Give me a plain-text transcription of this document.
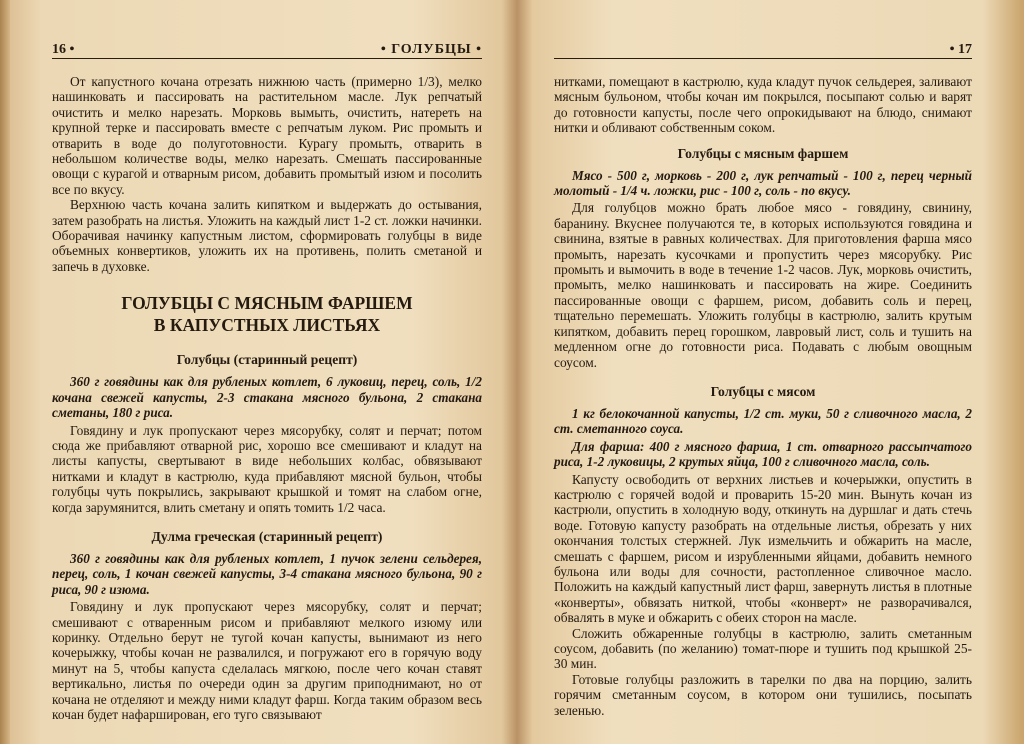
16 •	• ГОЛУБЦЫ •

От капустного кочана отрезать нижнюю часть (примерно 1/3), мелко нашинковать и пассировать на растительном масле. Лук репчатый очистить и мелко нарезать. Морковь вымыть, очистить, натереть на крупной терке и пассировать вместе с репчатым луком. Рис промыть и отварить в воде до полуготовности. Курагу промыть, отварить в небольшом количестве воды, мелко нарезать. Смешать пассированные овощи с курагой и отварным рисом, добавить промытый изюм и посолить все по вкусу.

Верхнюю часть кочана залить кипятком и выдержать до остывания, затем разобрать на листья. Уложить на каждый лист 1-2 ст. ложки начинки. Оборачивая начинку капустным листом, сформировать голубцы в виде объемных конвертиков, уложить их на противень, полить сметаной и запечь в духовке.

ГОЛУБЦЫ С МЯСНЫМ ФАРШЕМ
В КАПУСТНЫХ ЛИСТЬЯХ
Голубцы (старинный рецепт)
360 г говядины как для рубленых котлет, 6 луковиц, перец, соль, 1/2 кочана свежей капусты, 2-3 стакана мясного бульона, 2 стакана сметаны, 180 г риса.

Говядину и лук пропускают через мясорубку, солят и перчат; потом сюда же прибавляют отварной рис, хорошо все смешивают и кладут на листы капусты, свертывают в виде небольших колбас, обвязывают нитками и кладут в кастрюлю, куда прибавляют мясной бульон, чтобы голубцы чуть покрылись, закрывают крышкой и томят на слабом огне, когда зарумянится, влить сметану и опять томить 1/2 часа.

Дулма греческая (старинный рецепт)
360 г говядины как для рубленых котлет, 1 пучок зелени сельдерея, перец, соль, 1 кочан свежей капусты, 3-4 стакана мясного бульона, 90 г риса, 90 г изюма.

Говядину и лук пропускают через мясорубку, солят и перчат; смешивают с отваренным рисом и прибавляют мелкого изюму или коринку. Отдельно берут не тугой кочан капусты, вынимают из него кочерыжку, чтобы кочан не развалился, и погружают его в горячую воду минут на 5, чтобы капуста сделалась мягкою, после чего кочан ставят вертикально, листья по очереди один за другим приподнимают, но от кочана не отделяют и между ними кладут фарш. Когда таким образом весь кочан будет нафарширован, его туго связывают

• 17

нитками, помещают в кастрюлю, куда кладут пучок сельдерея, заливают мясным бульоном, чтобы кочан им покрылся, посыпают солью и варят до готовности капусты, после чего опрокидывают на блюдо, снимают нитки и обливают собственным соком.

Голубцы с мясным фаршем
Мясо - 500 г, морковь - 200 г, лук репчатый - 100 г, перец черный молотый - 1/4 ч. ложки, рис - 100 г, соль - по вкусу.

Для голубцов можно брать любое мясо - говядину, свинину, баранину. Вкуснее получаются те, в которых используются говядина и свинина, взятые в равных количествах. Для приготовления фарша мясо промыть, нарезать кусочками и пропустить через мясорубку. Рис промыть и вымочить в воде в течение 1-2 часов. Лук, морковь очистить, промыть, мелко нашинковать и пассировать на жире. Соединить пассированные овощи с фаршем, рисом, добавить соль и перец, тщательно перемешать. Уложить голубцы в кастрюлю, залить крутым кипятком, добавить перец горошком, лавровый лист, соль и тушить на медленном огне до готовности риса. Подавать с любым овощным соусом.

Голубцы с мясом
1 кг белокочанной капусты, 1/2 ст. муки, 50 г сливочного масла, 2 ст. сметанного соуса.
Для фарша: 400 г мясного фарша, 1 ст. отварного рассыпчатого риса, 1-2 луковицы, 2 крутых яйца, 100 г сливочного масла, соль.

Капусту освободить от верхних листьев и кочерыжки, опустить в кастрюлю с горячей водой и проварить 15-20 мин. Вынуть кочан из кастрюли, опустить в холодную воду, откинуть на дуршлаг и дать стечь воде. Готовую капусту разобрать на отдельные листья, обрезать у них окончания толстых стержней. Лук измельчить и обжарить на масле, смешать с фаршем, рисом и изрубленными яйцами, добавить немного бульона или воды для сочности, растопленное сливочное масло. Положить на каждый капустный лист фарш, завернуть листья в плотные «конверты», обвязать ниткой, чтобы «конверт» не разворачивался, обвалять в муке и обжарить с обеих сторон на масле.

Сложить обжаренные голубцы в кастрюлю, залить сметанным соусом, добавить (по желанию) томат-пюре и тушить под крышкой 25-30 мин.

Готовые голубцы разложить в тарелки по два на порцию, залить горячим сметанным соусом, в котором они тушились, посыпать зеленью.
